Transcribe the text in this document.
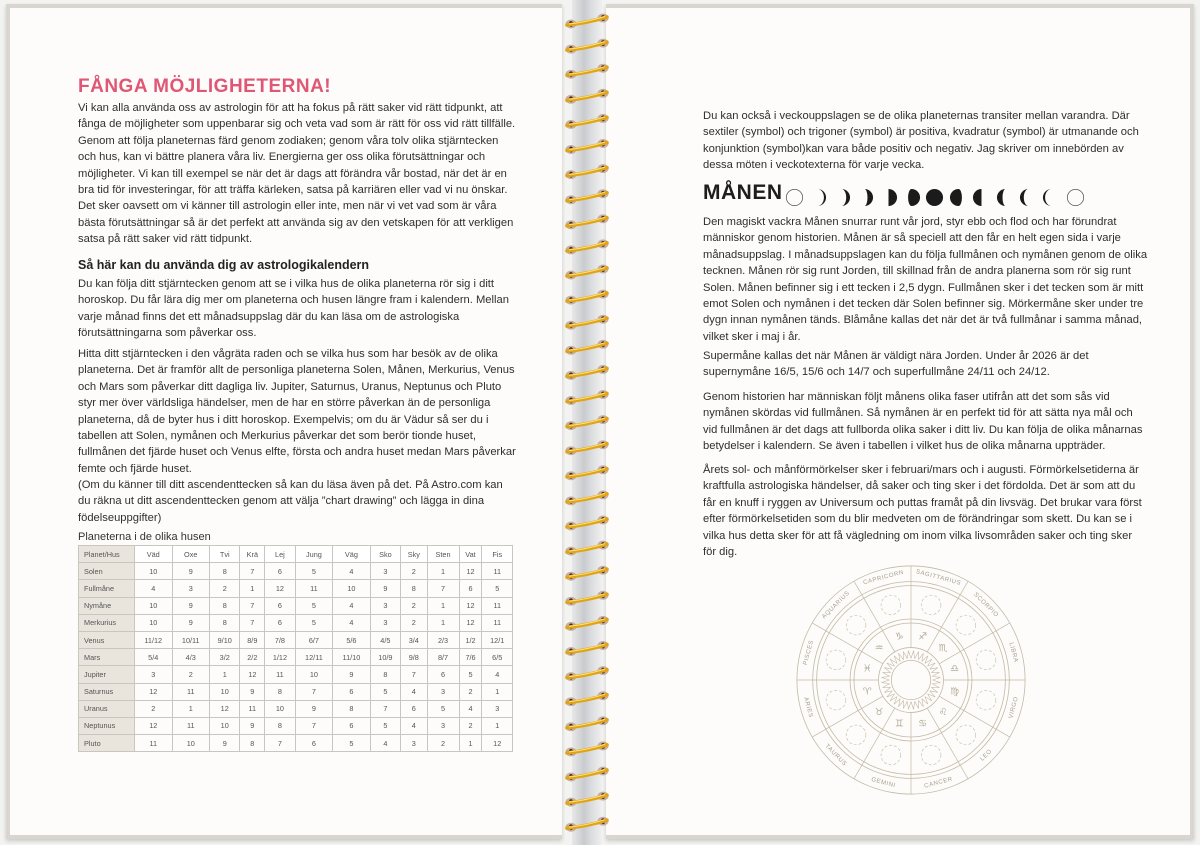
FÅNGA MÖJLIGHETERNA!

Vi kan alla använda oss av astrologin för att ha fokus på rätt saker vid rätt tidpunkt, att fånga de möjligheter som uppenbarar sig och veta vad som är rätt för oss vid rätt tillfälle. Genom att följa planeternas färd genom zodiaken; genom våra tolv olika stjärntecken och hus, kan vi bättre planera våra liv. Energierna ger oss olika förutsättningar och möjligheter. Vi kan till exempel se när det är dags att förändra vår bostad, när det är en bra tid för investeringar, för att träffa kärleken, satsa på karriären eller vad vi nu önskar. Det sker oavsett om vi känner till astrologin eller inte, men när vi vet vad som är våra bästa förutsättningar så är det perfekt att använda sig av den vetskapen för att verkligen satsa på rätt saker vid rätt tidpunkt.

Så här kan du använda dig av astrologikalendern

Du kan följa ditt stjärntecken genom att se i vilka hus de olika planeterna rör sig i ditt horoskop. Du får lära dig mer om planeterna och husen längre fram i kalendern. Mellan varje månad finns det ett månadsuppslag där du kan läsa om de astrologiska förutsättningarna som påverkar oss.

Hitta ditt stjärntecken i den vågräta raden och se vilka hus som har besök av de olika planeterna. Det är framför allt de personliga planeterna Solen, Månen, Merkurius, Venus och Mars som påverkar ditt dagliga liv. Jupiter, Saturnus, Uranus, Neptunus och Pluto styr mer över världsliga händelser, men de har en större påverkan än de personliga planeterna, då de byter hus i ditt horoskop. Exempelvis; om du är Vädur så ser du i tabellen att Solen, nymånen och Merkurius påverkar det som berör tionde huset, fullmånen det fjärde huset och Venus elfte, första och andra huset medan Mars påverkar femte och fjärde huset.

(Om du känner till ditt ascendenttecken så kan du läsa även på det. På Astro.com kan du räkna ut ditt ascendenttecken genom att välja ”chart drawing” och lägga in dina födelseuppgifter)

Planeterna i de olika husen
Planet/Hus	Väd	Oxe	Tvi	Krä	Lej	Jung	Väg	Sko	Sky	Sten	Vat	Fis
Solen	10	9	8	7	6	5	4	3	2	1	12	11
Fullmåne	4	3	2	1	12	11	10	9	8	7	6	5
Nymåne	10	9	8	7	6	5	4	3	2	1	12	11
Merkurius	10	9	8	7	6	5	4	3	2	1	12	11
Venus	11/12	10/11	9/10	8/9	7/8	6/7	5/6	4/5	3/4	2/3	1/2	12/1
Mars	5/4	4/3	3/2	2/2	1/12	12/11	11/10	10/9	9/8	8/7	7/6	6/5
Jupiter	3	2	1	12	11	10	9	8	7	6	5	4
Saturnus	12	11	10	9	8	7	6	5	4	3	2	1
Uranus	2	1	12	11	10	9	8	7	6	5	4	3
Neptunus	12	11	10	9	8	7	6	5	4	3	2	1
Pluto	11	10	9	8	7	6	5	4	3	2	1	12

Du kan också i veckouppslagen se de olika planeternas transiter mellan varandra. Där sextiler (symbol) och trigoner (symbol) är positiva, kvadratur (symbol) är utmanande och konjunktion (symbol)kan vara både positiv och negativ. Jag skriver om innebörden av dessa möten i veckotexterna för varje vecka.

MÅNEN

Den magiskt vackra Månen snurrar runt vår jord, styr ebb och flod och har förundrat människor genom historien. Månen är så speciell att den får en helt egen sida i varje månadsuppslag. I månadsuppslagen kan du följa fullmånen och nymånen genom de olika tecknen. Månen rör sig runt Jorden, till skillnad från de andra planerna som rör sig runt Solen. Månen befinner sig i ett tecken i 2,5 dygn. Fullmånen sker i det tecken som är mitt emot Solen och nymånen i det tecken där Solen befinner sig. Mörkermåne sker under tre dygn innan nymånen tänds. Blåmåne kallas det när det är två fullmånar i samma månad, vilket sker i maj i år.

Supermåne kallas det när Månen är väldigt nära Jorden. Under år 2026 är det supernymåne 16/5, 15/6 och 14/7 och superfullmåne 24/11 och 24/12.

Genom historien har människan följt månens olika faser utifrån att det som sås vid nymånen skördas vid fullmånen. Så nymånen är en perfekt tid för att sätta nya mål och vid fullmånen är det dags att fullborda olika saker i ditt liv. Du kan följa de olika månarnas betydelser i kalendern. Se även i tabellen i vilket hus de olika månarna uppträder.

Årets sol- och månförmörkelser sker i februari/mars och i augusti. Förmörkelsetiderna är kraftfulla astrologiska händelser, då saker och ting sker i det fördolda. Det är som att du får en knuff i ryggen av Universum och puttas framåt på din livsväg. Det brukar vara först efter förmörkelsetiden som du blir medveten om de förändringar som skett. Du kan se i vilka hus detta sker för att få vägledning om inom vilka livsområden saker och ting sker för dig.

CAPRICORN
♑
SAGITTARIUS
♐
SCORPIO
♏	LIBRA
♎
VIRGO
♍
LEO
♌
CANCER
♋
GEMINI
♊
TAURUS
♉
ARIES
♈
PISCES
♓
AQUARIUS
♒
